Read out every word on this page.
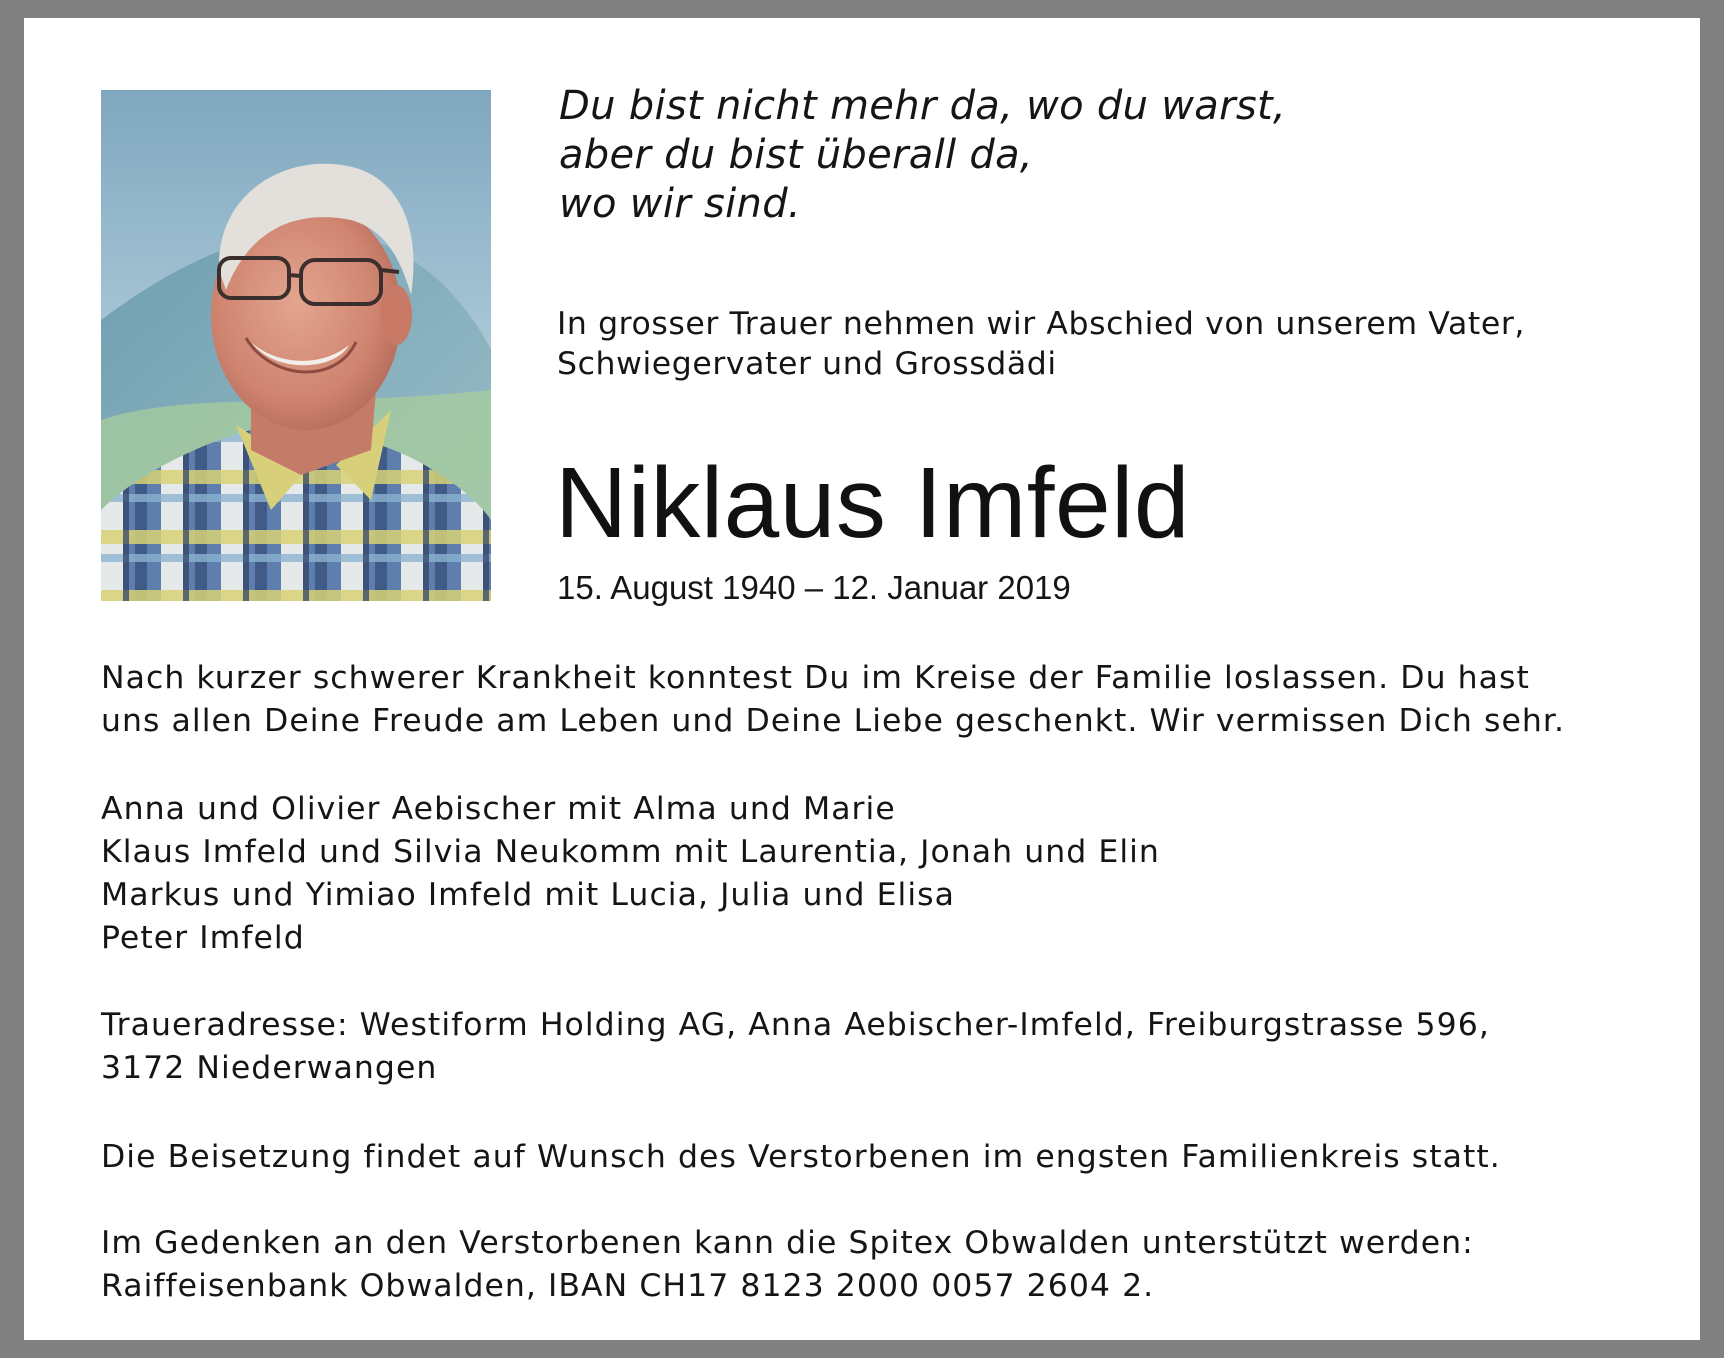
Du bist nicht mehr da, wo du warst,
aber du bist überall da,
wo wir sind.
In grosser Trauer nehmen wir Abschied von unserem Vater,
Schwiegervater und Grossdädi
Niklaus Imfeld
15. August 1940 – 12. Januar 2019
Nach kurzer schwerer Krankheit konntest Du im Kreise der Familie loslassen. Du hast
uns allen Deine Freude am Leben und Deine Liebe geschenkt. Wir vermissen Dich sehr.
Anna und Olivier Aebischer mit Alma und Marie
Klaus Imfeld und Silvia Neukomm mit Laurentia, Jonah und Elin
Markus und Yimiao Imfeld mit Lucia, Julia und Elisa
Peter Imfeld
Traueradresse: Westiform Holding AG, Anna Aebischer-Imfeld, Freiburgstrasse 596,
3172 Niederwangen
Die Beisetzung findet auf Wunsch des Verstorbenen im engsten Familienkreis statt.
Im Gedenken an den Verstorbenen kann die Spitex Obwalden unterstützt werden:
Raiffeisenbank Obwalden, IBAN CH17 8123 2000 0057 2604 2.
